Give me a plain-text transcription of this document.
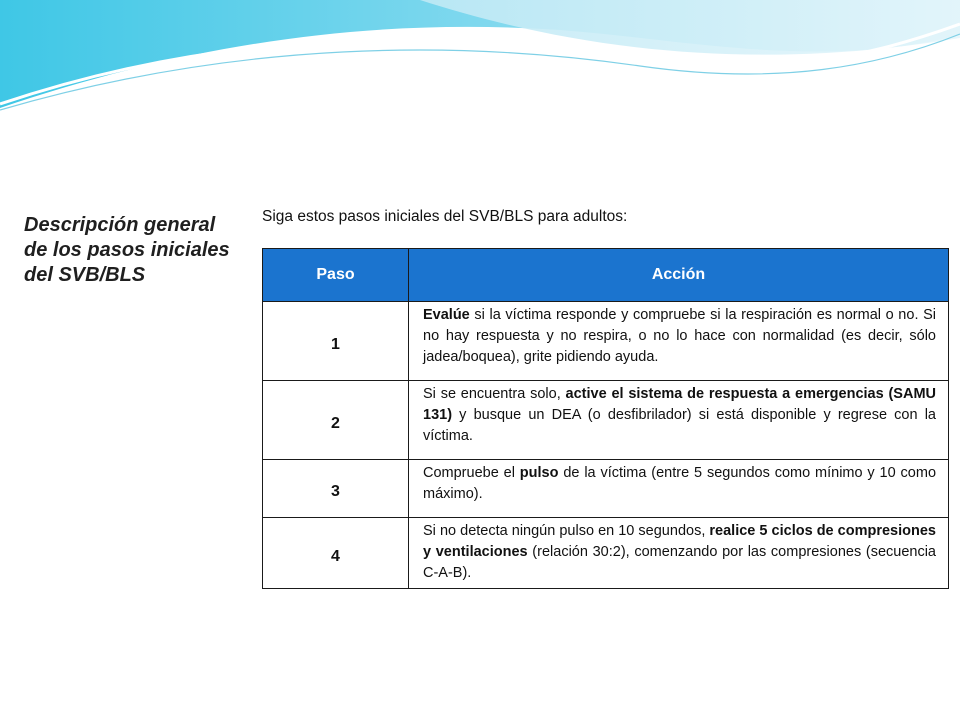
Descripción general
de los pasos iniciales
del SVB/BLS

Siga estos pasos iniciales del SVB/BLS para adultos:

Paso	Acción
1	Evalúe si la víctima responde y compruebe si la respiración es normal o no. Si no hay respuesta y no respira, o no lo hace con normalidad (es decir, sólo jadea/boquea), grite pidiendo ayuda.
2	Si se encuentra solo, active el sistema de respuesta a emergencias (SAMU 131) y busque un DEA (o desfibrilador) si está disponible y regrese con la víctima.
3	Compruebe el pulso de la víctima (entre 5 segundos como mínimo y 10 como máximo).
4	Si no detecta ningún pulso en 10 segundos, realice 5 ciclos de compresiones y ventilaciones (relación 30:2), comenzando por las compresiones (secuencia C-A-B).
